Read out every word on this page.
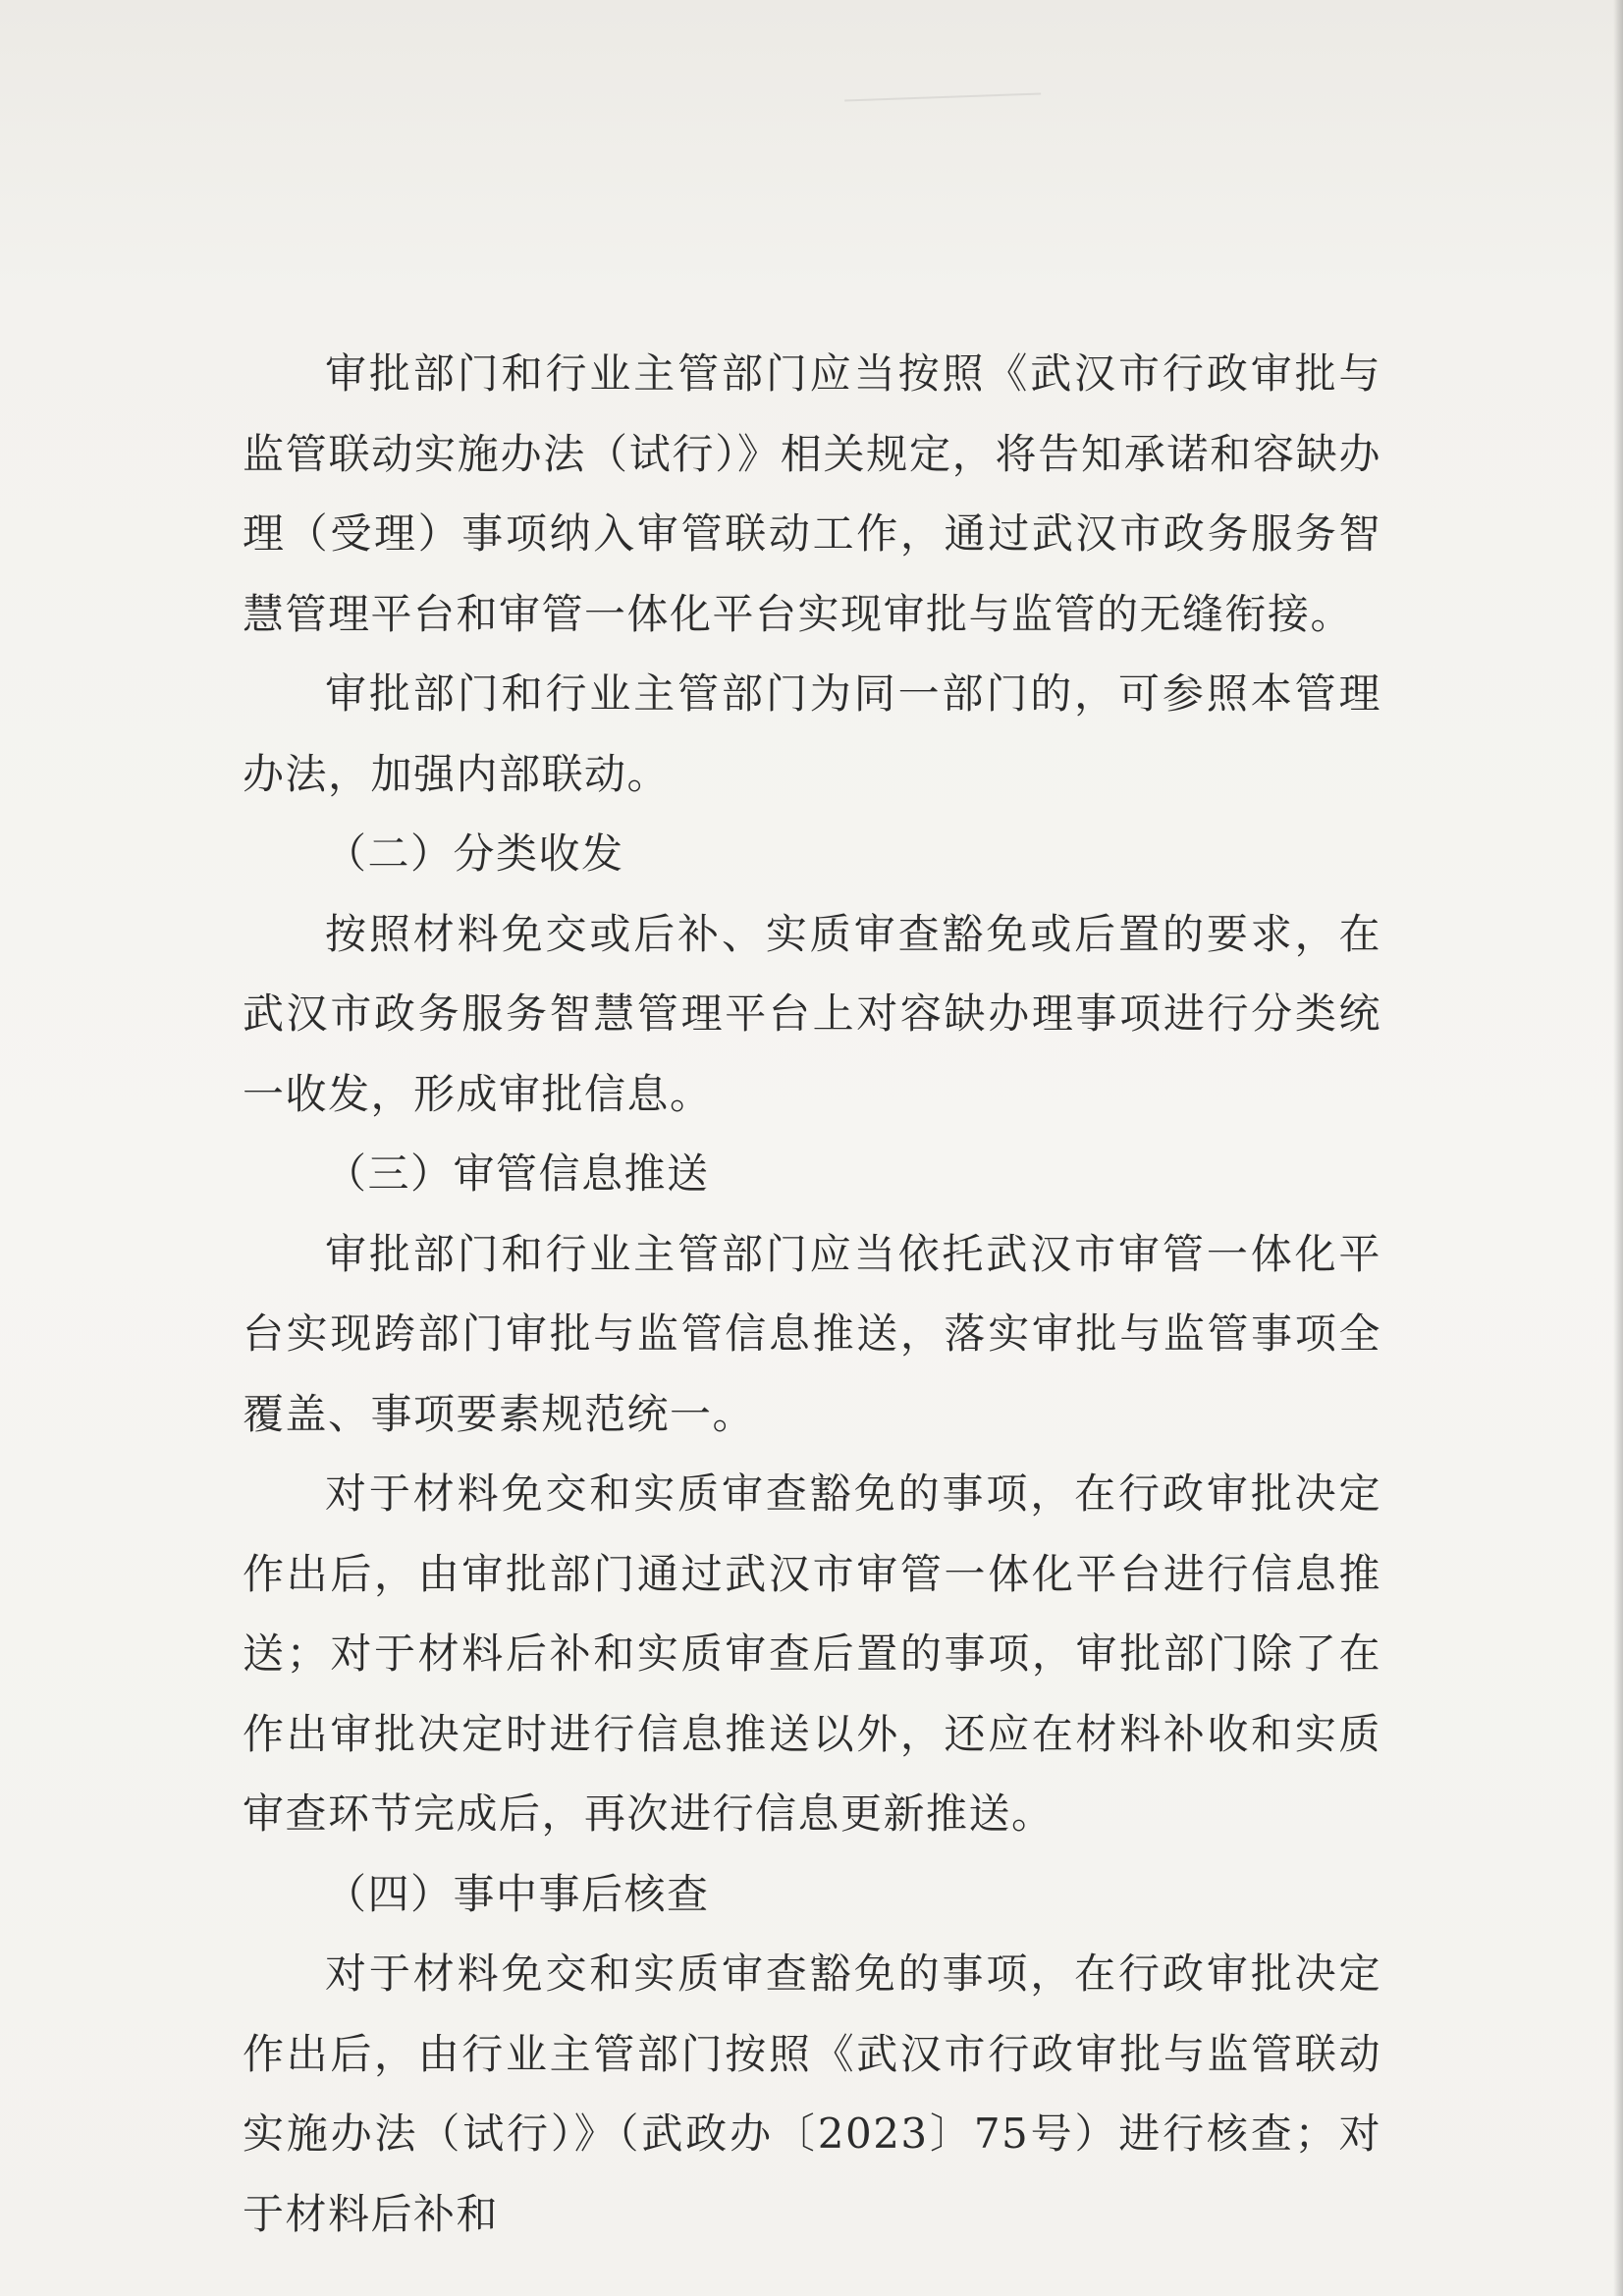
审批部门和行业主管部门应当按照《武汉市行政审批与监管联动实施办法（试行）》相关规定，将告知承诺和容缺办理（受理）事项纳入审管联动工作，通过武汉市政务服务智慧管理平台和审管一体化平台实现审批与监管的无缝衔接。

审批部门和行业主管部门为同一部门的，可参照本管理办法，加强内部联动。

（二）分类收发

按照材料免交或后补、实质审查豁免或后置的要求，在武汉市政务服务智慧管理平台上对容缺办理事项进行分类统一收发，形成审批信息。

（三）审管信息推送

审批部门和行业主管部门应当依托武汉市审管一体化平台实现跨部门审批与监管信息推送，落实审批与监管事项全覆盖、事项要素规范统一。

对于材料免交和实质审查豁免的事项，在行政审批决定作出后，由审批部门通过武汉市审管一体化平台进行信息推送；对于材料后补和实质审查后置的事项，审批部门除了在作出审批决定时进行信息推送以外，还应在材料补收和实质审查环节完成后，再次进行信息更新推送。

（四）事中事后核查

对于材料免交和实质审查豁免的事项，在行政审批决定作出后，由行业主管部门按照《武汉市行政审批与监管联动实施办法（试行）》（武政办〔2023〕75号）进行核查；对于材料后补和
